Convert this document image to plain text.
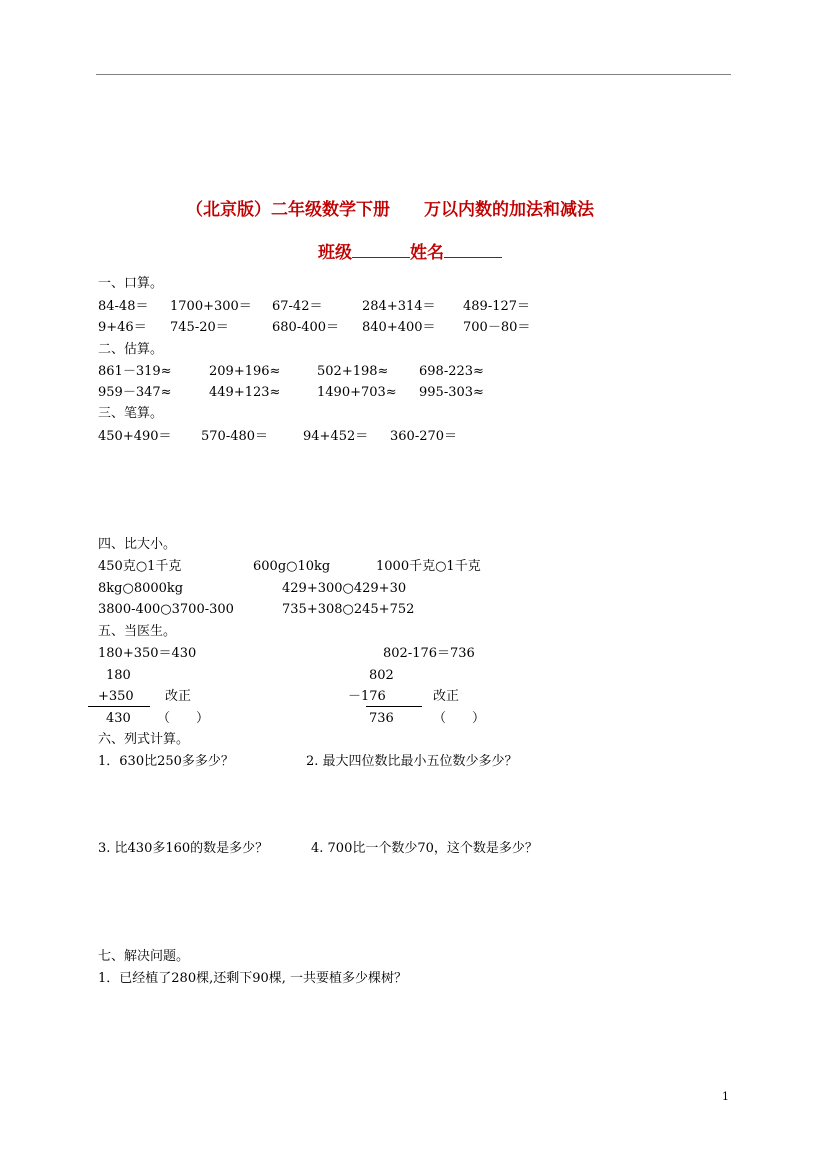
（北京版）二年级数学下册　　万以内数的加法和减法
班级	姓名
一、口算。
84-48＝ 1700+300＝ 67-42＝	284+314＝ 489-127＝
9+46＝ 745-20＝	680-400＝ 840+400＝ 700－80＝
二、估算。
861－319≈	209+196≈	502+198≈ 698-223≈
959－347≈	449+123≈	1490+703≈ 995-303≈
三、笔算。
450+490＝ 570-480＝	94+452＝ 360-270＝
四、比大小。
450克○1千克	600g○10kg	1000千克○1千克
8kg○8000kg	429+300○429+30
3800-400○3700-300	735+308○245+752
五、当医生。
180+350＝430	802-176＝736
180	802
+350 改正	－176	改正
430 （　　）	736	（　　）
六、列式计算。
1．630比250多多少？	2. 最大四位数比最小五位数少多少？
3. 比430多160的数是多少？	4. 700比一个数少70，这个数是多少？
七、解决问题。
1．已经植了280棵,还剩下90棵, 一共要植多少棵树？
1
